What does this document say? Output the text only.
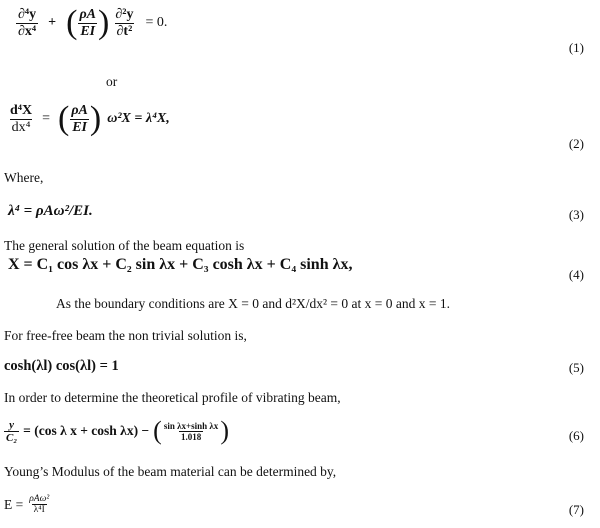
$\frac{\text{∂⁴y}}{\text{∂x⁴}}$ + ( $\frac{\rho A}{EI}$ ) $\frac{\text{∂²y}}{\text{∂t²}} = 0$.
(1)
or
$\frac{\text{d⁴X}}{\text{dx⁴}}$ = ( $\frac{\rho A}{EI}$ ) ω²X = λ⁴X,
(2)
Where,
λ⁴ = ρAω²/EI.	(3)
The general solution of the beam equation is
X = C₁ cos λx + C₂ sin λx + C₃ cosh λx + C₄ sinh λx,
(4)
As the boundary conditions are X = 0 and d²X/dx² = 0 at x = 0 and x = 1.
For free-free beam the non trivial solution is,
cosh(λl) cos(λl) = 1	(5)
In order to determine the theoretical profile of vibrating beam,
$\frac{y}{\text{C₂}} = (\cos$ λ x + cosh λx) − ( $\frac{\text{sin λx+sinh λx}}{1.018}$ )	(6)
Young’s Modulus of the beam material can be determined by,
$E = \frac{\text{ρAω²}}{\text{λ⁴I}}$	(7)
